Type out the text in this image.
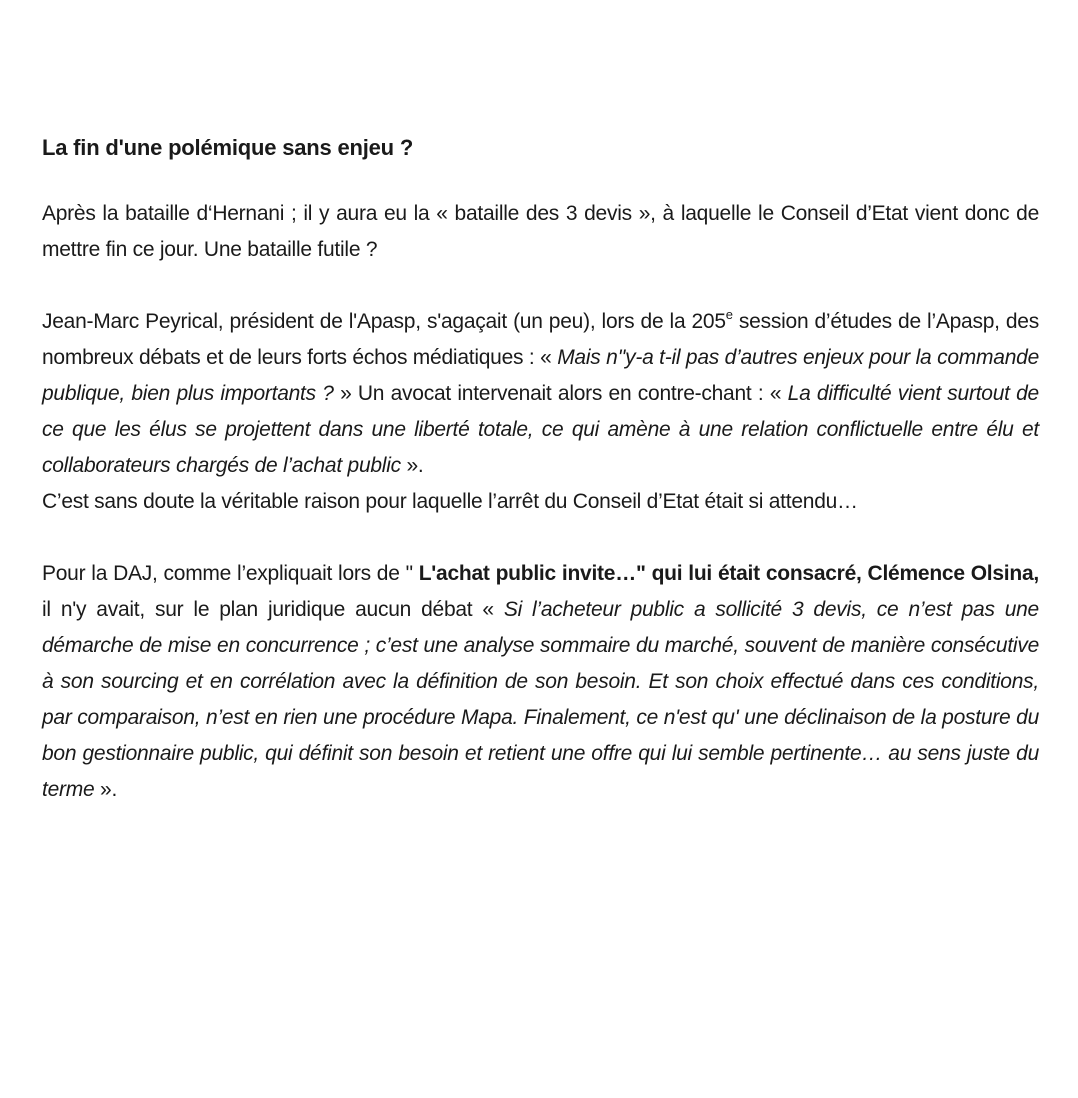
La fin d'une polémique sans enjeu ?

Après la bataille d‘Hernani ; il y aura eu la « bataille des 3 devis », à laquelle le Conseil d’Etat vient donc de mettre fin ce jour. Une bataille futile ?

Jean-Marc Peyrical, président de l'Apasp, s'agaçait (un peu), lors de la 205e session d’études de l’Apasp, des nombreux débats et de leurs forts échos médiatiques : « Mais n''y-a t-il pas d’autres enjeux pour la commande publique, bien plus importants ? » Un avocat intervenait alors en contre-chant : « La difficulté vient surtout de ce que les élus se projettent dans une liberté totale, ce qui amène à une relation conflictuelle entre élu et collaborateurs chargés de l’achat public ».

C’est sans doute la véritable raison pour laquelle l’arrêt du Conseil d’Etat était si attendu…

Pour la DAJ, comme l’expliquait lors de " L'achat public invite…" qui lui était consacré, Clémence Olsina, il n'y avait, sur le plan juridique aucun débat « Si l’acheteur public a sollicité 3 devis, ce n’est pas une démarche de mise en concurrence ; c’est une analyse sommaire du marché, souvent de manière consécutive à son sourcing et en corrélation avec la définition de son besoin. Et son choix effectué dans ces conditions, par comparaison, n’est en rien une procédure Mapa. Finalement, ce n'est qu' une déclinaison de la posture du bon gestionnaire public, qui définit son besoin et retient une offre qui lui semble pertinente… au sens juste du terme ».
